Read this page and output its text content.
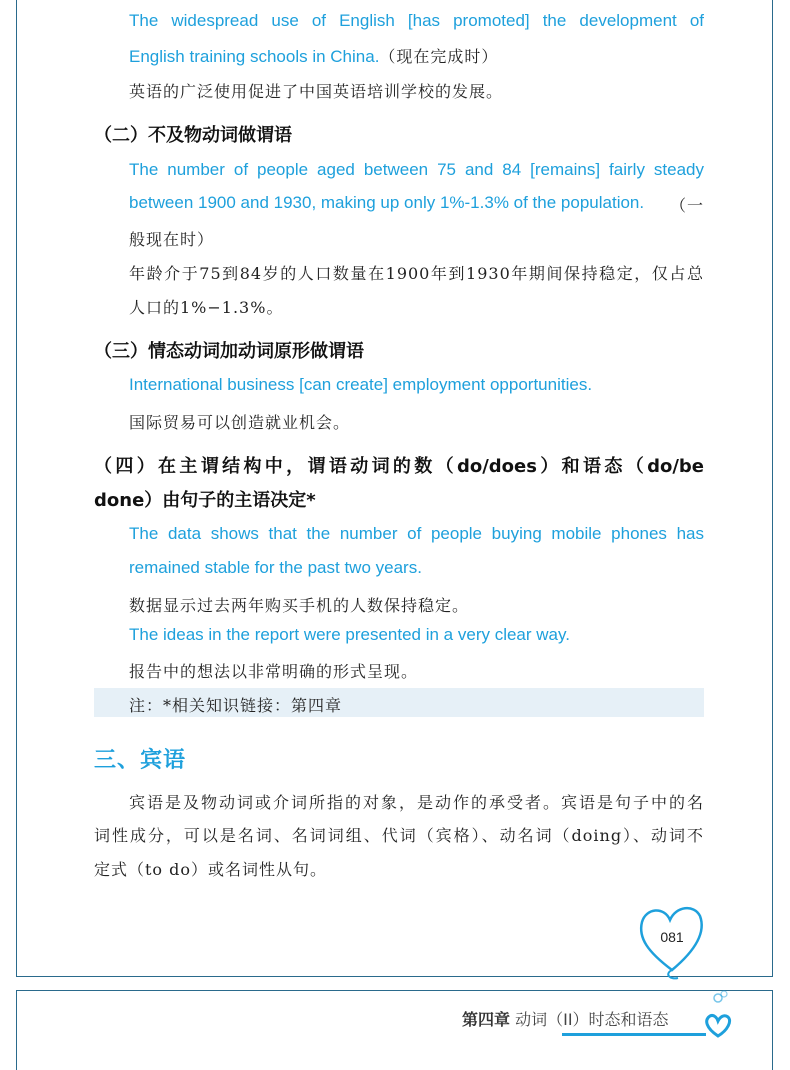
The widespread use of English [has promoted] the development of
English training schools in China.（现在完成时）
英语的广泛使用促进了中国英语培训学校的发展。
（二）不及物动词做谓语
The number of people aged between 75 and 84 [remains] fairly steady
between 1900 and 1930, making up only 1%-1.3% of the population. （一
般现在时）
年龄介于75到84岁的人口数量在1900年到1930年期间保持稳定，仅占总
人口的1%−1.3%。
（三）情态动词加动词原形做谓语
International business [can create] employment opportunities.
国际贸易可以创造就业机会。
（四）在主谓结构中，谓语动词的数（do/does）和语态（do/be
done）由句子的主语决定*
The data shows that the number of people buying mobile phones has
remained stable for the past two years.
数据显示过去两年购买手机的人数保持稳定。
The ideas in the report were presented in a very clear way.
报告中的想法以非常明确的形式呈现。
注：*相关知识链接：第四章
三、宾语
宾语是及物动词或介词所指的对象，是动作的承受者。宾语是句子中的名
词性成分，可以是名词、名词词组、代词（宾格）、动名词（doing）、动词不
定式（to do）或名词性从句。
081
第四章 动词（II）时态和语态
